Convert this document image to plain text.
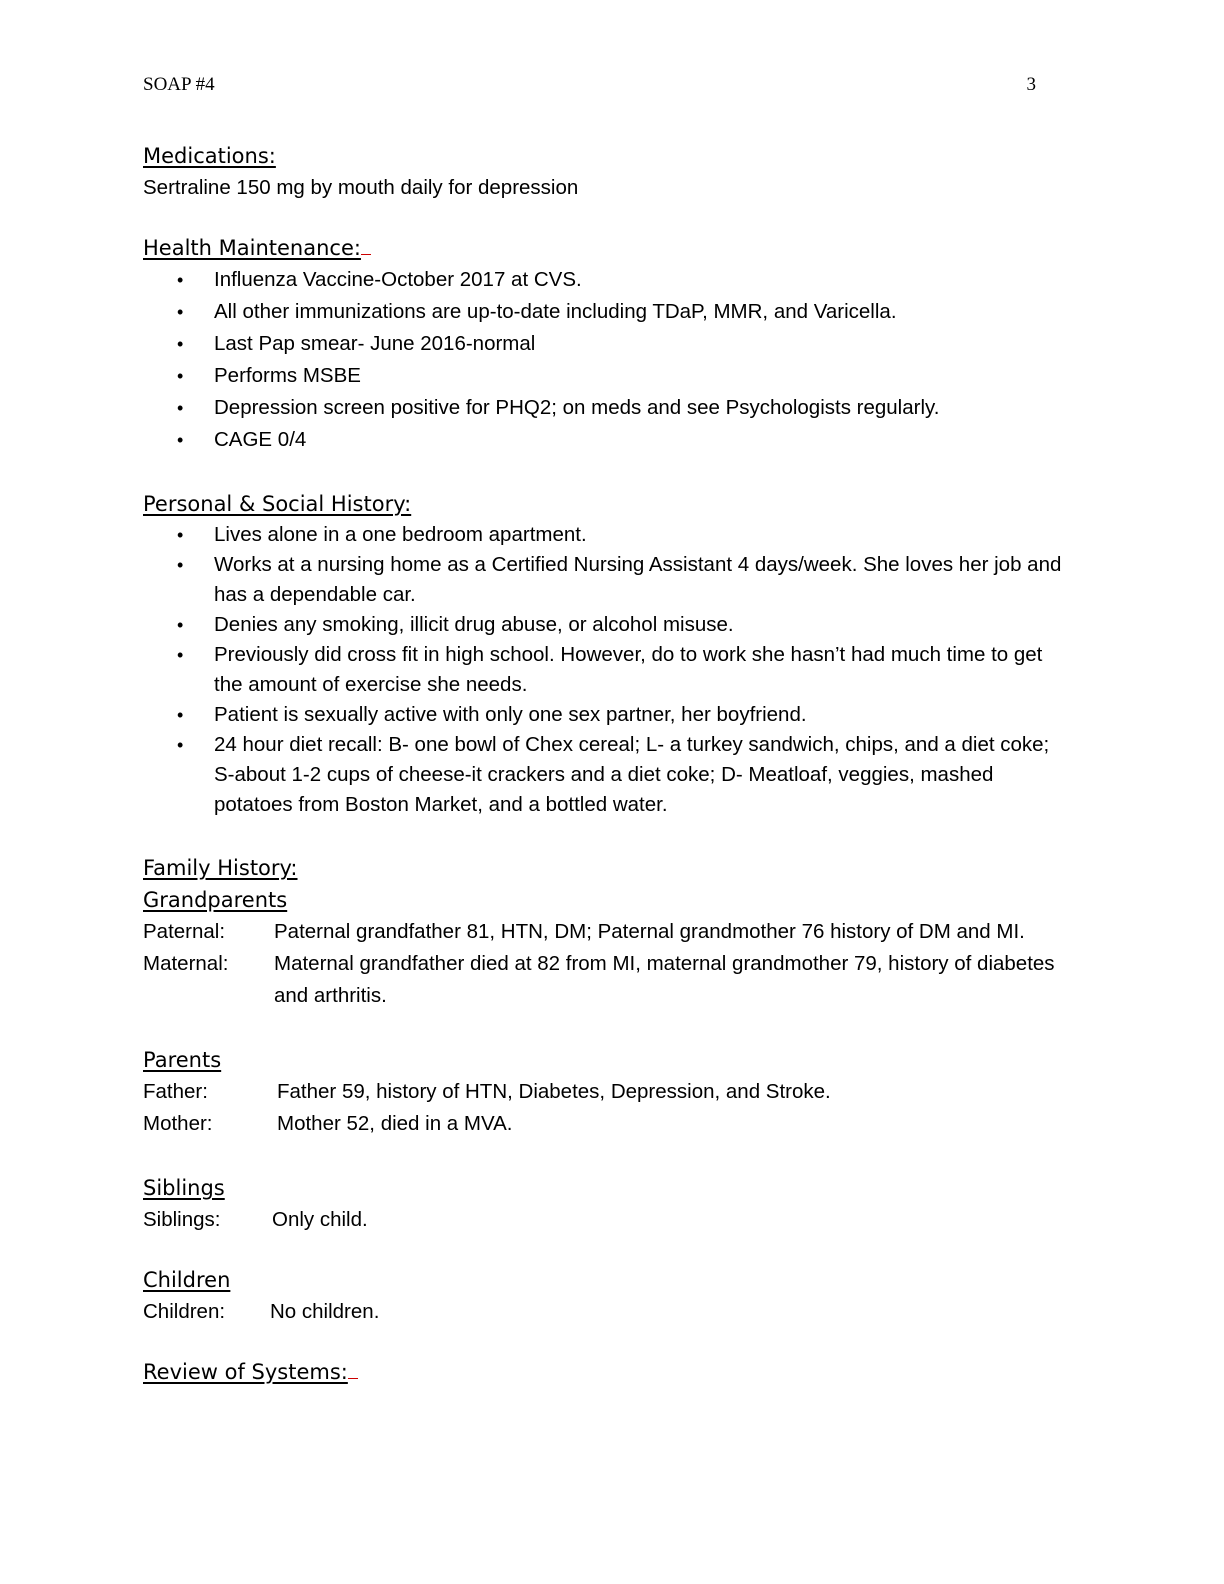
SOAP #4	3

Medications:

Sertraline 150 mg by mouth daily for depression

Health Maintenance:

• Influenza Vaccine-October 2017 at CVS.
• All other immunizations are up-to-date including TDaP, MMR, and Varicella.
• Last Pap smear- June 2016-normal
• Performs MSBE
• Depression screen positive for PHQ2; on meds and see Psychologists regularly.
• CAGE 0/4

Personal & Social History:

• Lives alone in a one bedroom apartment.
• Works at a nursing home as a Certified Nursing Assistant 4 days/week. She loves her job and has a dependable car.
• Denies any smoking, illicit drug abuse, or alcohol misuse.
• Previously did cross fit in high school. However, do to work she hasn’t had much time to get the amount of exercise she needs.
• Patient is sexually active with only one sex partner, her boyfriend.
• 24 hour diet recall: B- one bowl of Chex cereal; L- a turkey sandwich, chips, and a diet coke; S-about 1-2 cups of cheese-it crackers and a diet coke; D- Meatloaf, veggies, mashed potatoes from Boston Market, and a bottled water.

Family History:

Grandparents

Paternal:	Paternal grandfather 81, HTN, DM; Paternal grandmother 76 history of DM and MI.
Maternal:	Maternal grandfather died at 82 from MI, maternal grandmother 79, history of diabetes and arthritis.

Parents

Father:	Father 59, history of HTN, Diabetes, Depression, and Stroke.
Mother:	Mother 52, died in a MVA.

Siblings

Siblings:	Only child.

Children

Children:	No children.

Review of Systems:
